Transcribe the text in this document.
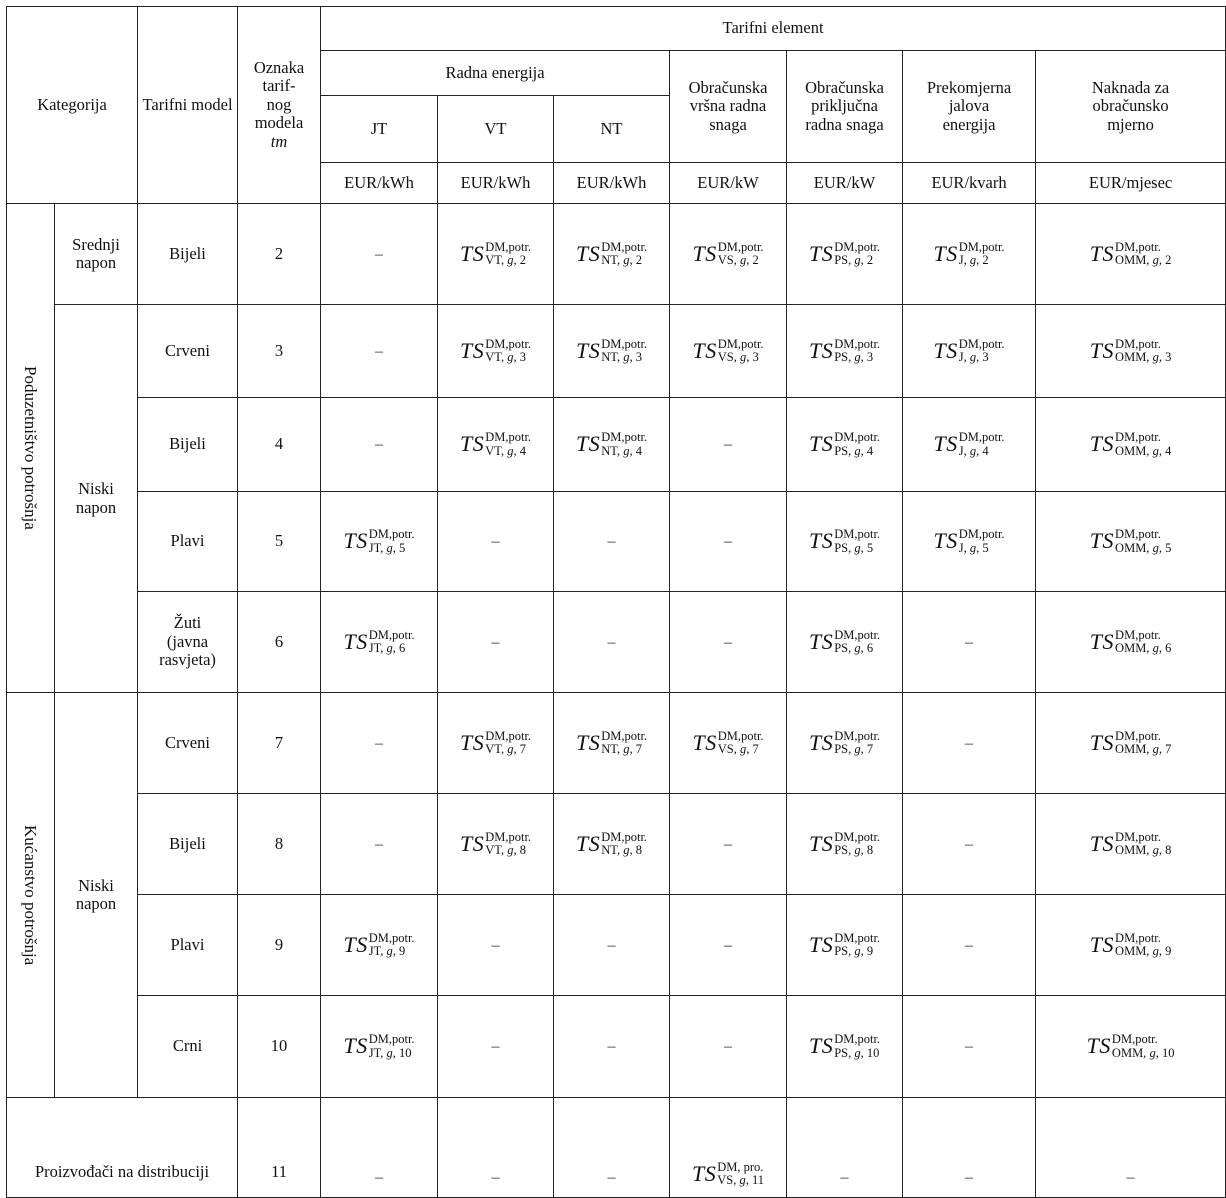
Kategorija		Tarifni model	Oznaka
tarif-
nog
modela
tm	Tarifni element						
				Radna energija			Obračunska
vršna radna
snaga	Obračunska
priključna
radna snaga	Prekomjerna
jalova
energija	Naknada za
obračunsko
mjerno
				JT	VT	NT				
				EUR/kWh	EUR/kWh	EUR/kWh	EUR/kW	EUR/kW	EUR/kvarh	EUR/mjesec

Poduzetništvo potrošnja	Srednji
napon	Bijeli	2	–	TS DM,potr.
VT, g, 2	TS DM,potr.
NT, g, 2	TS DM,potr.
VS, g, 2	TS DM,potr.
PS, g, 2	TS DM,potr.
J, g, 2	TS DM,potr.
OMM, g, 2

	Niski
napon	Crveni	3	–	TS DM,potr.
VT, g, 3	TS DM,potr.
NT, g, 3	TS DM,potr.
VS, g, 3	TS DM,potr.
PS, g, 3	TS DM,potr.
J, g, 3	TS DM,potr.
OMM, g, 3

		Bijeli	4	–	TS DM,potr.
VT, g, 4	TS DM,potr.
NT, g, 4	–	TS DM,potr.
PS, g, 4	TS DM,potr.
J, g, 4	TS DM,potr.
OMM, g, 4

		Plavi	5	TS DM,potr.
JT, g, 5	–	–	–	TS DM,potr.
PS, g, 5	TS DM,potr.
J, g, 5	TS DM,potr.
OMM, g, 5

		Žuti
(javna
rasvjeta)	6	TS DM,potr.
JT, g, 6	–	–	–	TS DM,potr.
PS, g, 6	–	TS DM,potr.
OMM, g, 6

Kućanstvo potrošnja	Niski
napon	Crveni	7	–	TS DM,potr.
VT, g, 7	TS DM,potr.
NT, g, 7	TS DM,potr.
VS, g, 7	TS DM,potr.
PS, g, 7	–	TS DM,potr.
OMM, g, 7

		Bijeli	8	–	TS DM,potr.
VT, g, 8	TS DM,potr.
NT, g, 8	–	TS DM,potr.
PS, g, 8	–	TS DM,potr.
OMM, g, 8

		Plavi	9	TS DM,potr.
JT, g, 9	–	–	–	TS DM,potr.
PS, g, 9	–	TS DM,potr.
OMM, g, 9

		Crni	10	TS DM,potr.
JT, g, 10	–	–	–	TS DM,potr.
PS, g, 10	–	TS DM,potr.
OMM, g, 10

Proizvođači na distribuciji			11	–	–	–	TS DM, pro.
VS, g, 11	–	–	–
